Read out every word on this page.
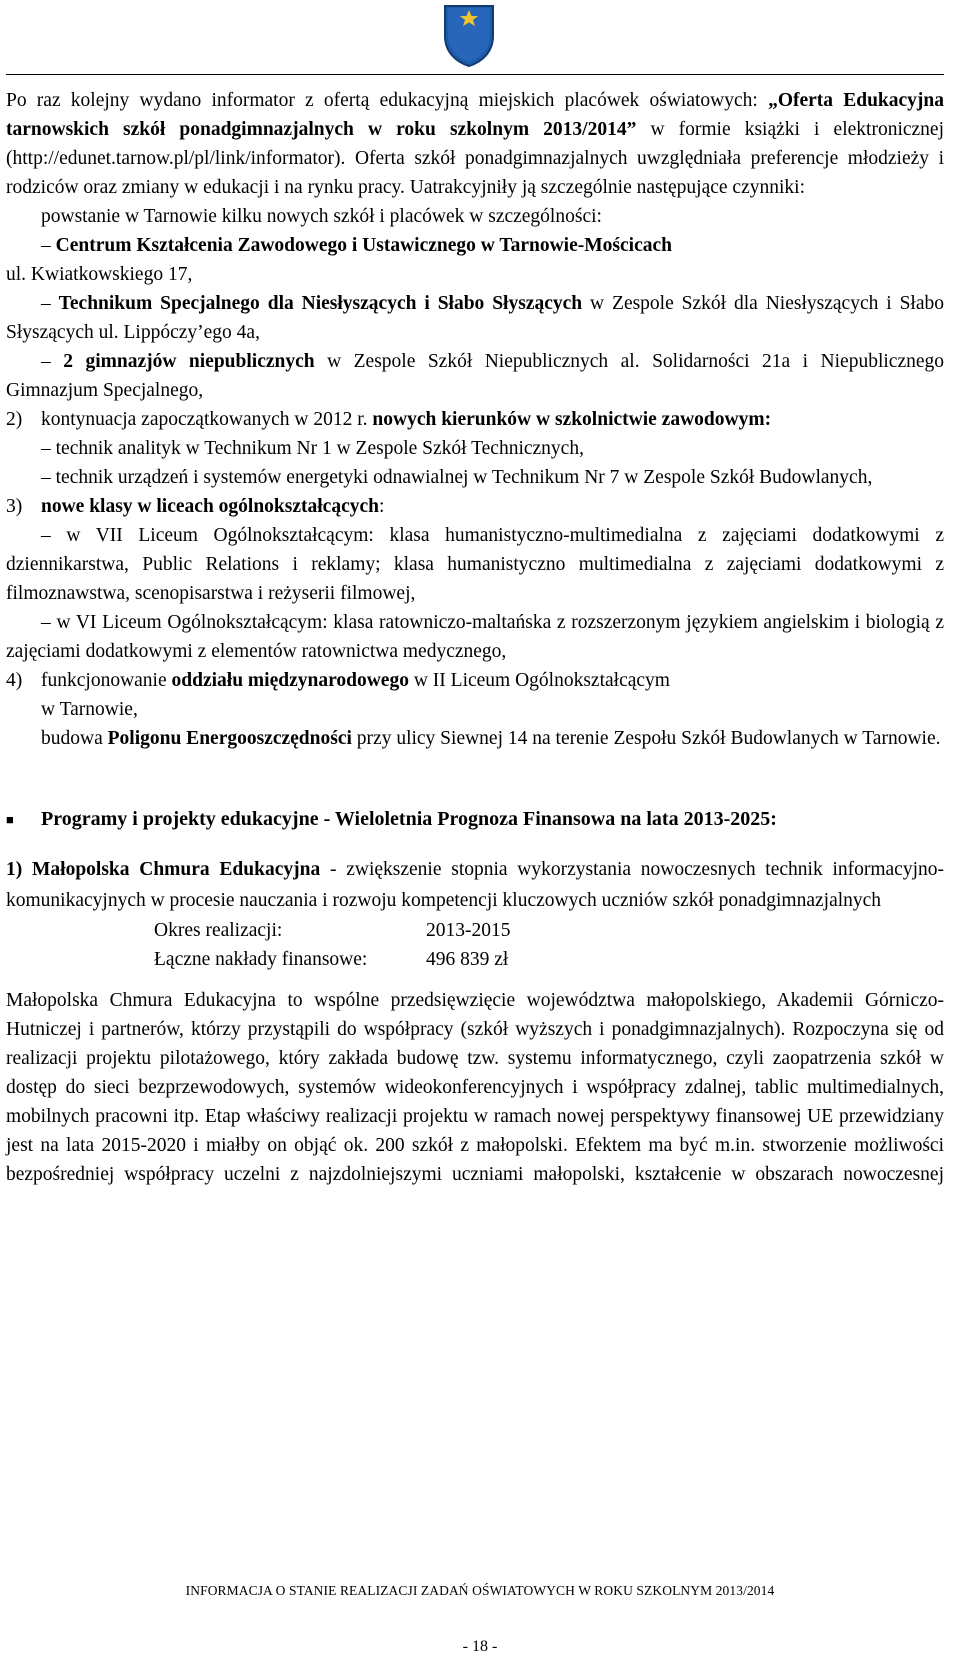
Po raz kolejny wydano informator z ofertą edukacyjną miejskich placówek oświatowych: „Oferta Edukacyjna tarnowskich szkół ponadgimnazjalnych w roku szkolnym 2013/2014” w formie książki i elektronicznej (http://edunet.tarnow.pl/pl/link/informator). Oferta szkół ponadgimnazjalnych uwzględniała preferencje młodzieży i rodziców oraz zmiany w edukacji i na rynku pracy. Uatrakcyjniły ją szczególnie następujące czynniki:

powstanie w Tarnowie kilku nowych szkół i placówek w szczególności:

– Centrum Kształcenia Zawodowego i Ustawicznego w Tarnowie-Mościcach

ul. Kwiatkowskiego 17,

– Technikum Specjalnego dla Niesłyszących i Słabo Słyszących w Zespole Szkół dla Niesłyszących i Słabo Słyszących ul. Lippóczy’ego 4a,

– 2 gimnazjów niepublicznych w Zespole Szkół Niepublicznych al. Solidarności 21a i Niepublicznego Gimnazjum Specjalnego,

2) kontynuacja zapoczątkowanych w 2012 r. nowych kierunków w szkolnictwie zawodowym:

– technik analityk w Technikum Nr 1 w Zespole Szkół Technicznych,

– technik urządzeń i systemów energetyki odnawialnej w Technikum Nr 7 w Zespole Szkół Budowlanych,

3) nowe klasy w liceach ogólnokształcących:

– w VII Liceum Ogólnokształcącym: klasa humanistyczno-multimedialna z zajęciami dodatkowymi z dziennikarstwa, Public Relations i reklamy; klasa humanistyczno multimedialna z zajęciami dodatkowymi z filmoznawstwa, scenopisarstwa i reżyserii filmowej,

– w VI Liceum Ogólnokształcącym: klasa ratowniczo-maltańska z rozszerzonym językiem angielskim i biologią z zajęciami dodatkowymi z elementów ratownictwa medycznego,

4) funkcjonowanie oddziału międzynarodowego w II Liceum Ogólnokształcącym

w Tarnowie,

budowa Poligonu Energooszczędności przy ulicy Siewnej 14 na terenie Zespołu Szkół Budowlanych w Tarnowie.

■	Programy i projekty edukacyjne - Wieloletnia Prognoza Finansowa na lata 2013-2025:

1) Małopolska Chmura Edukacyjna - zwiększenie stopnia wykorzystania nowoczesnych technik informacyjno-komunikacyjnych w procesie nauczania i rozwoju kompetencji kluczowych uczniów szkół ponadgimnazjalnych

Okres realizacji:	2013-2015
Łączne nakłady finansowe:	496 839 zł

Małopolska Chmura Edukacyjna to wspólne przedsięwzięcie województwa małopolskiego, Akademii Górniczo-Hutniczej i partnerów, którzy przystąpili do współpracy (szkół wyższych i ponadgimnazjalnych). Rozpoczyna się od realizacji projektu pilotażowego, który zakłada budowę tzw. systemu informatycznego, czyli zaopatrzenia szkół w dostęp do sieci bezprzewodowych, systemów wideokonferencyjnych i współpracy zdalnej, tablic multimedialnych, mobilnych pracowni itp. Etap właściwy realizacji projektu w ramach nowej perspektywy finansowej UE przewidziany jest na lata 2015-2020 i miałby on objąć ok. 200 szkół z małopolski. Efektem ma być m.in. stworzenie możliwości bezpośredniej współpracy uczelni z najzdolniejszymi uczniami małopolski, kształcenie w obszarach nowoczesnej

INFORMACJA O STANIE REALIZACJI ZADAŃ OŚWIATOWYCH W ROKU SZKOLNYM 2013/2014
- 18 -
